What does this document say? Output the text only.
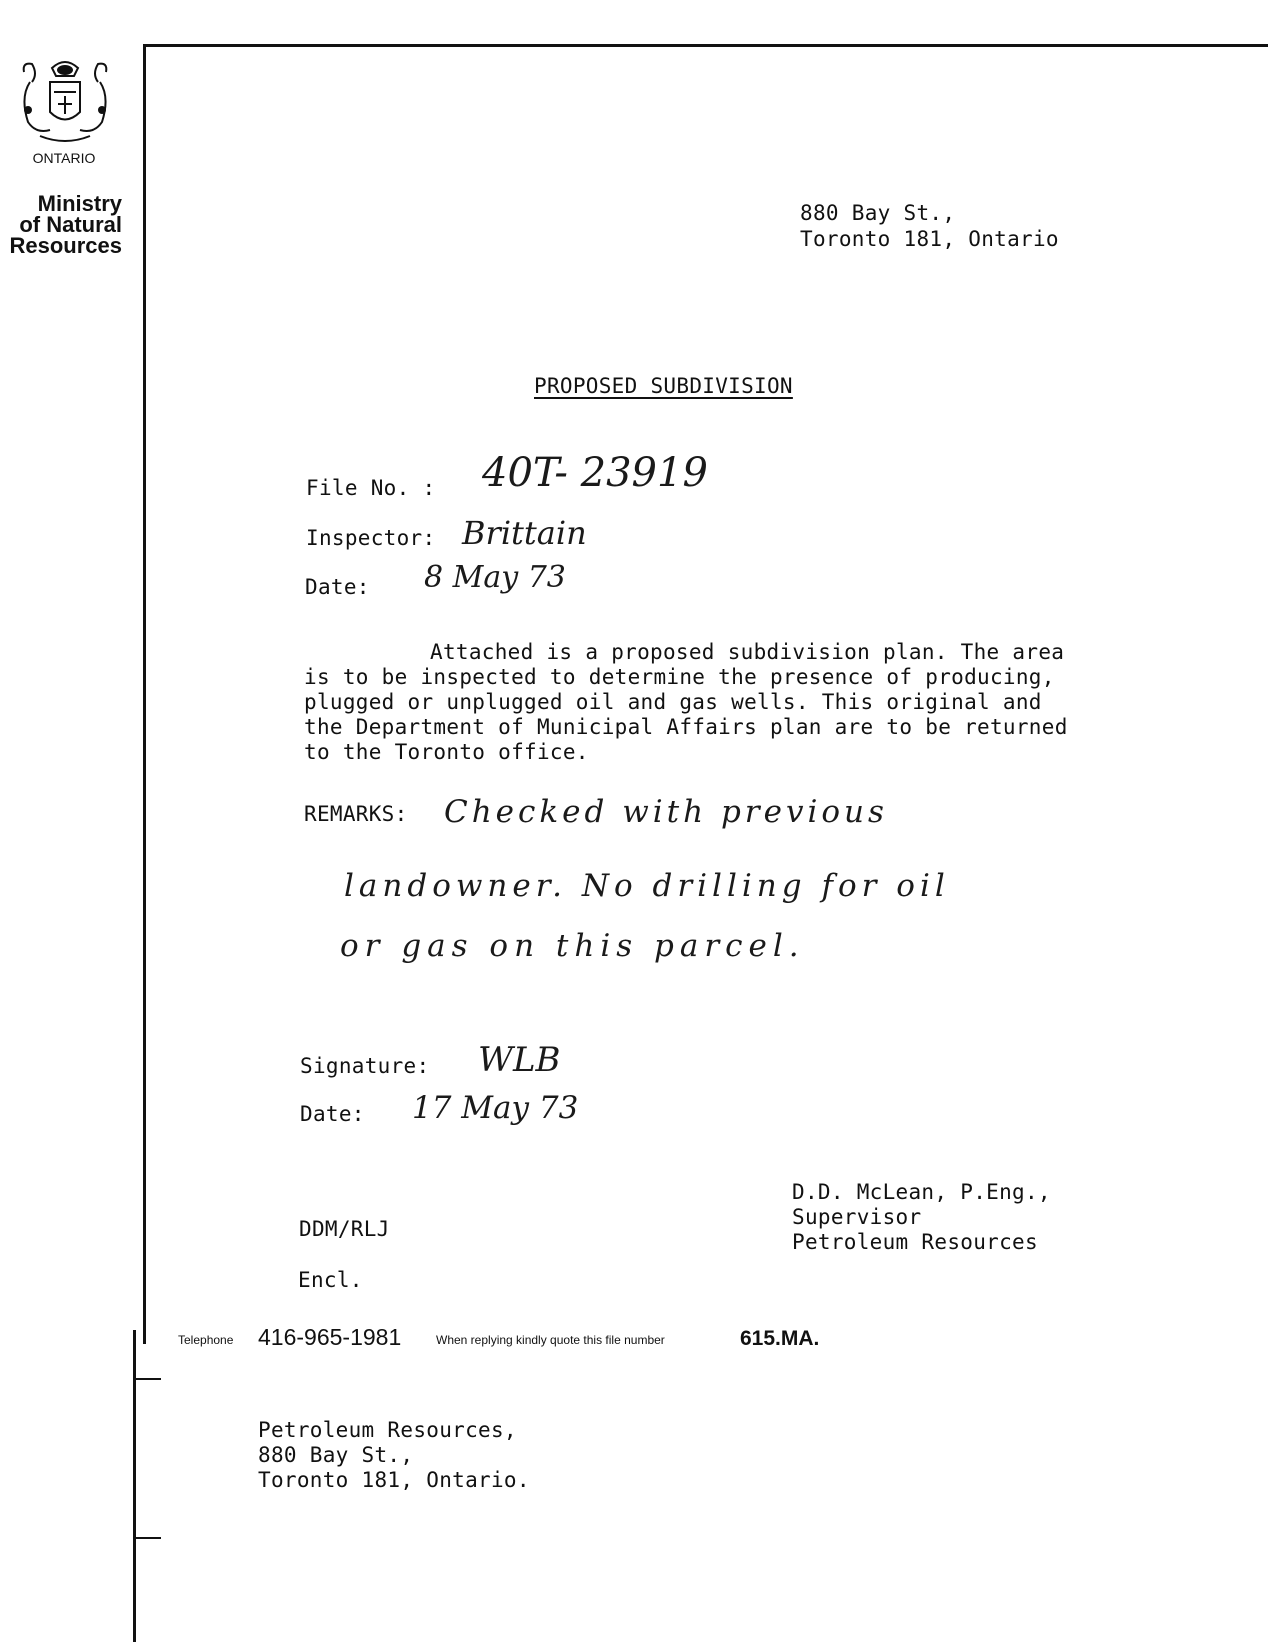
ONTARIO
Ministry
of Natural
Resources
880 Bay St.,
Toronto 181, Ontario
PROPOSED SUBDIVISION
File No. : 40T- 23919
Inspector: Brittain
Date: 8 May 73
Attached is a proposed subdivision plan. The area is to be inspected to determine the presence of producing, plugged or unplugged oil and gas wells. This original and the Department of Municipal Affairs plan are to be returned to the Toronto office.
REMARKS: Checked with previous
landowner. No drilling for oil
or gas on this parcel.
Signature: WLB
Date: 17 May 73
D.D. McLean, P.Eng.,
Supervisor
Petroleum Resources
DDM/RLJ
Encl.
Telephone 416-965-1981	When replying kindly quote this file number	615.MA.
Petroleum Resources,
880 Bay St.,
Toronto 181, Ontario.
